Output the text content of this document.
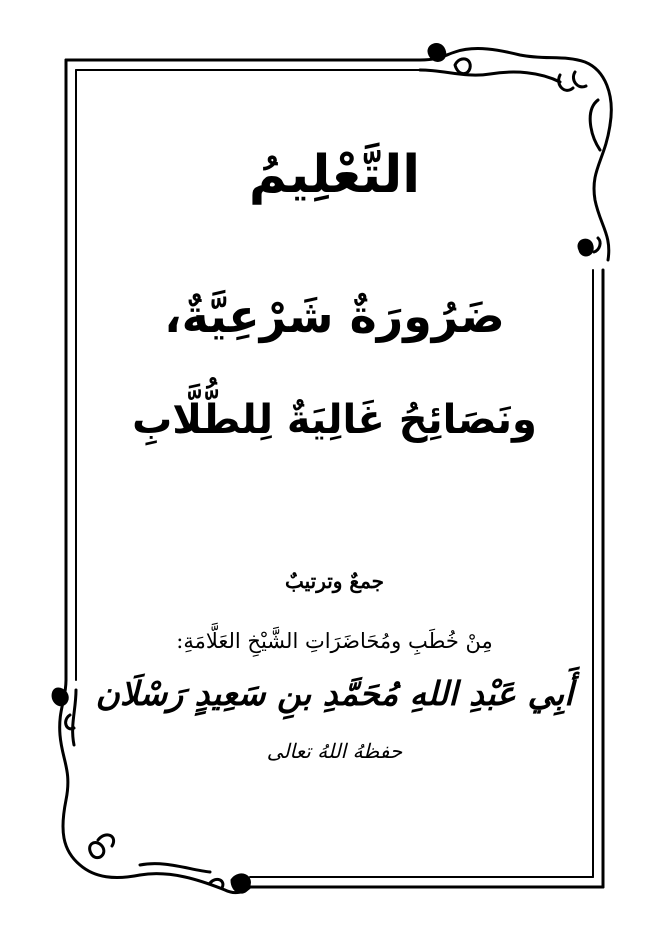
التَّعْلِيمُ
ضَرُورَةٌ شَرْعِيَّةٌ،
ونَصَائِحُ غَالِيَةٌ لِلطُّلَّابِ
جمعٌ وترتيبٌ
مِنْ خُطَبِ ومُحَاضَرَاتِ الشَّيْخِ العَلَّامَةِ:
أَبِي عَبْدِ اللهِ مُحَمَّدِ بنِ سَعِيدٍ رَسْلَان
حفظهُ اللهُ تعالى
